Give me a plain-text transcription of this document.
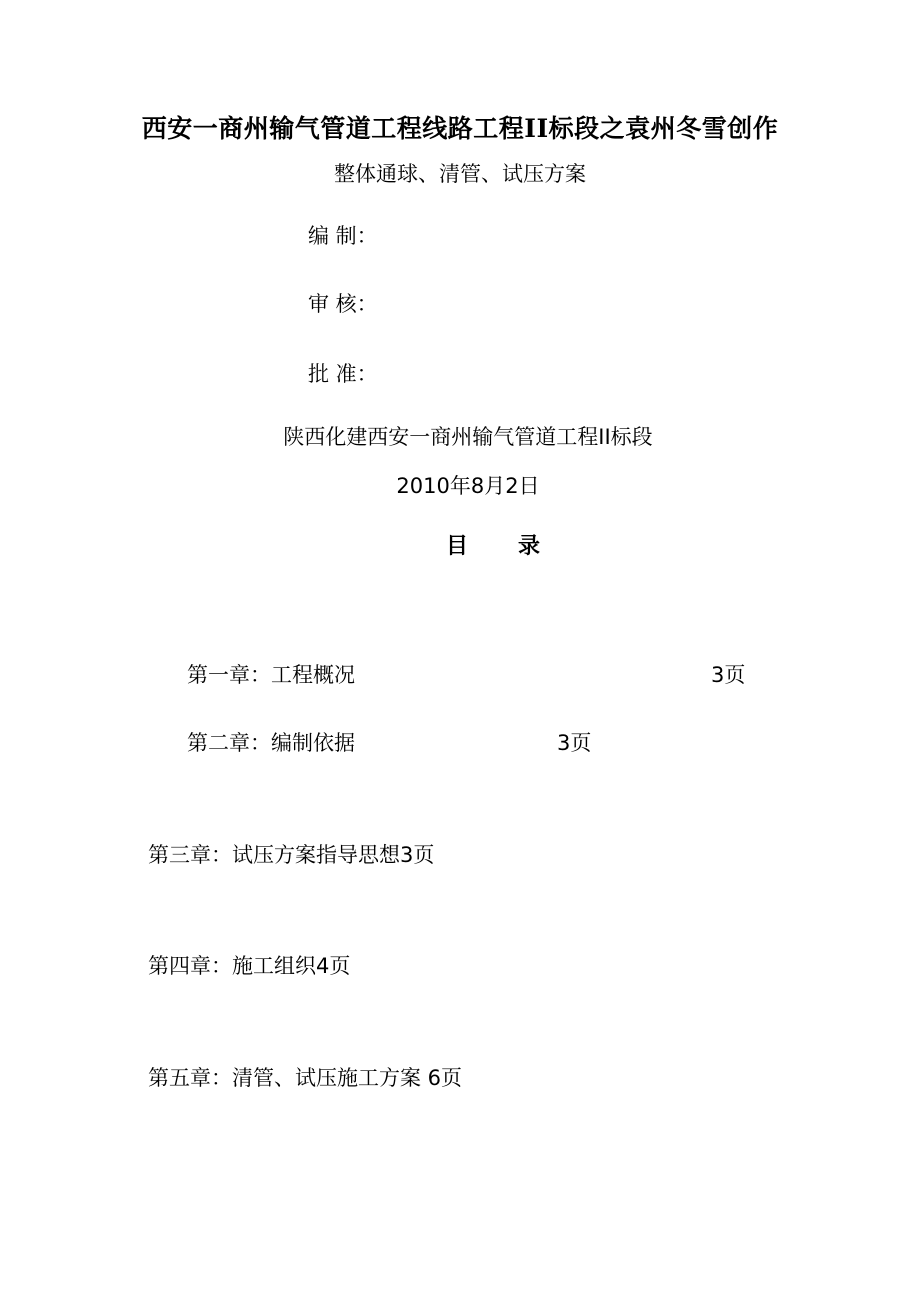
西安一商州输气管道工程线路工程II标段之袁州冬雪创作
整体通球、清管、试压方案
编 制：
审 核：
批 准：
陕西化建西安一商州输气管道工程II标段
2010年8月2日
目录
第一章：工程概况	3页
第二章：编制依据	3页
第三章：试压方案指导思想3页
第四章：施工组织4页
第五章：清管、试压施工方案 6页
